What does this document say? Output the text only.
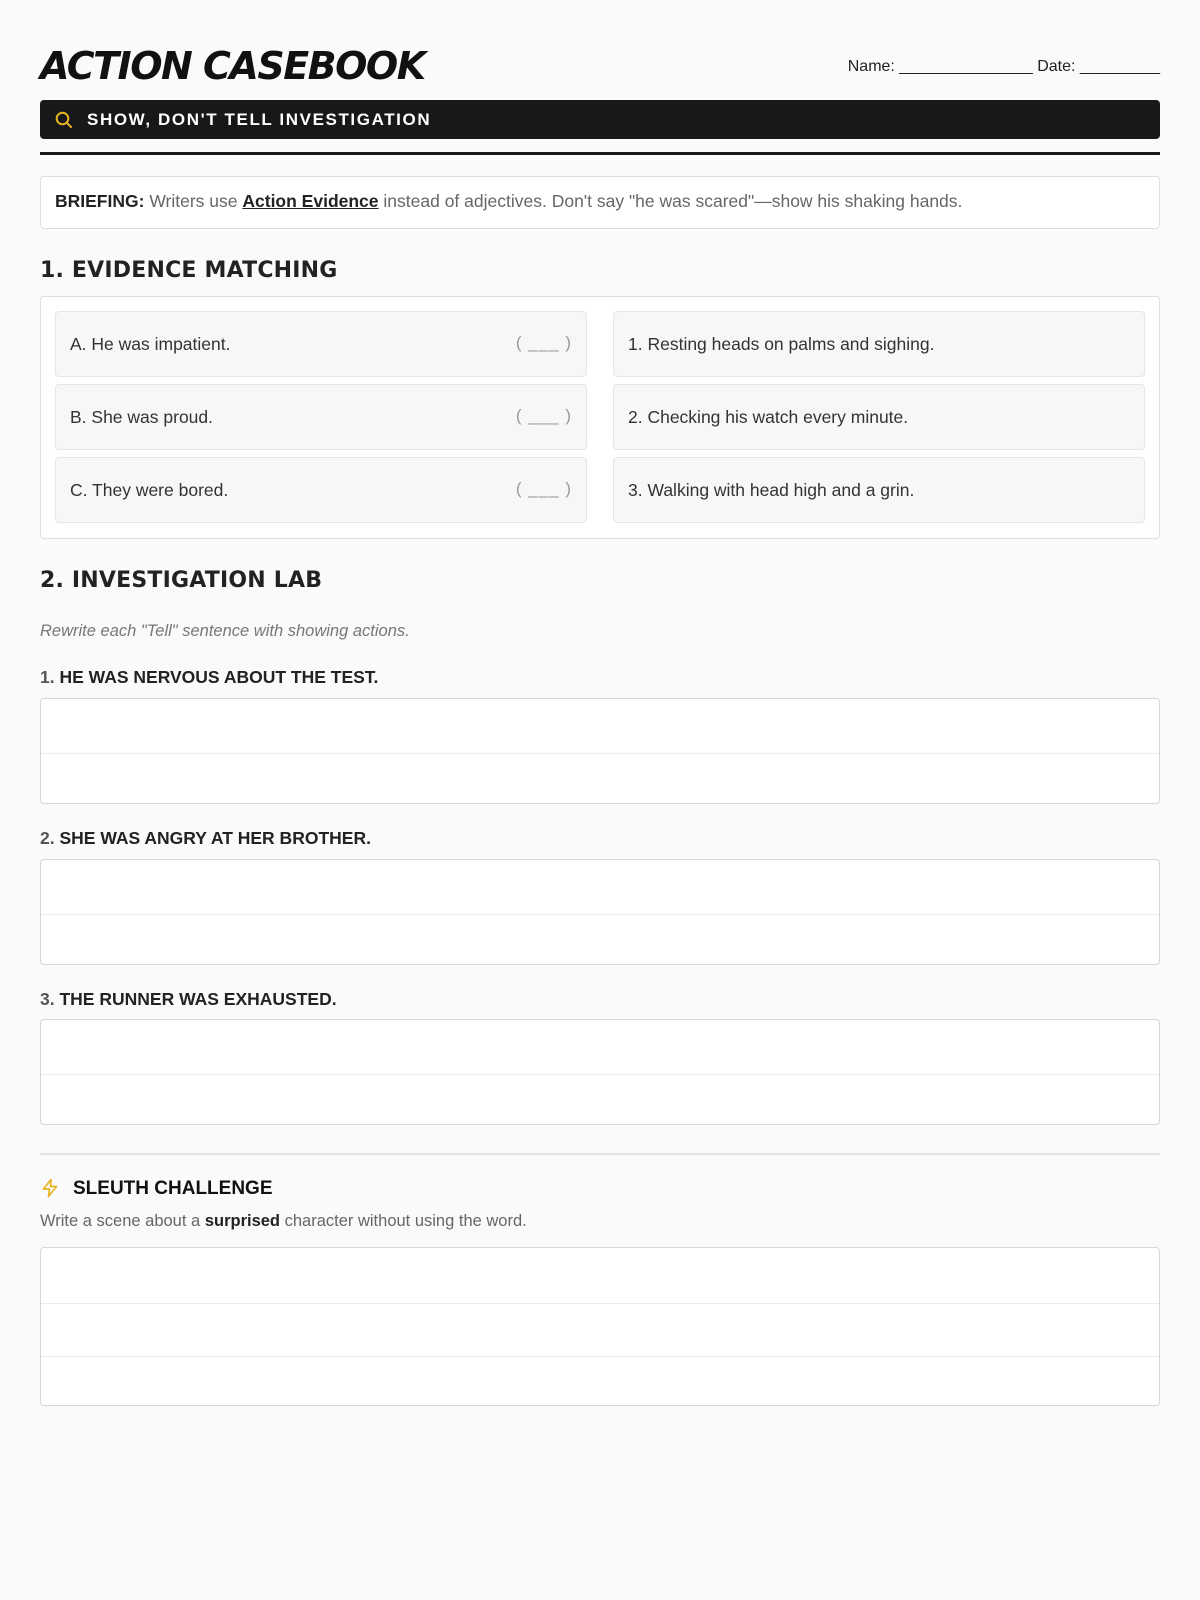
ACTION CASEBOOK	Name: _______________ Date: _________
SHOW, DON'T TELL INVESTIGATION
BRIEFING: Writers use Action Evidence instead of adjectives. Don't say "he was scared"—show his shaking hands.
1. EVIDENCE MATCHING
A. He was impatient.	( ___ )
B. She was proud.	( ___ )
C. They were bored.	( ___ )
1. Resting heads on palms and sighing.
2. Checking his watch every minute.
3. Walking with head high and a grin.
2. INVESTIGATION LAB
Rewrite each "Tell" sentence with showing actions.
1. HE WAS NERVOUS ABOUT THE TEST.
2. SHE WAS ANGRY AT HER BROTHER.
3. THE RUNNER WAS EXHAUSTED.
SLEUTH CHALLENGE
Write a scene about a surprised character without using the word.
